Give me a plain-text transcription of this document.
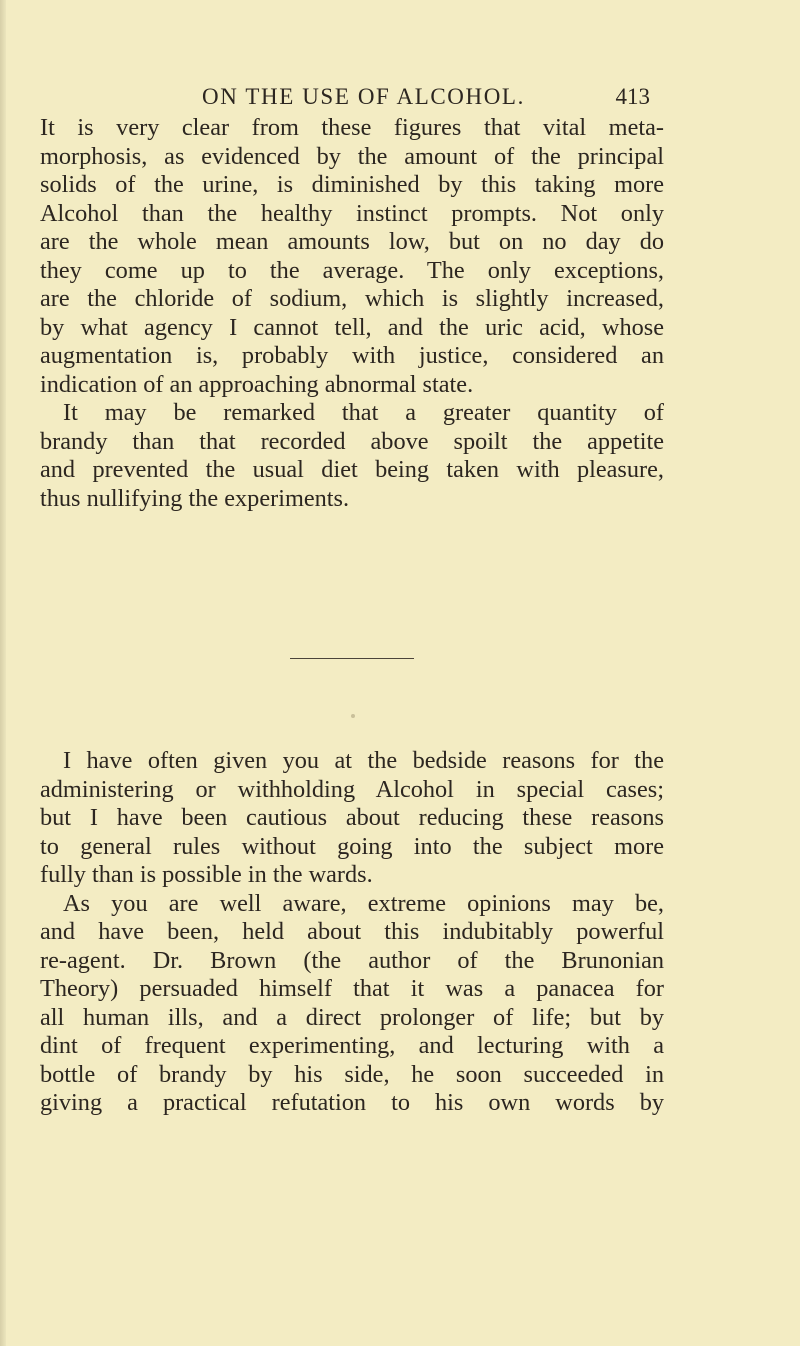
ON THE USE OF ALCOHOL.	413
It is very clear from these figures that vital meta-
morphosis, as evidenced by the amount of the principal
solids of the urine, is diminished by this taking more
Alcohol than the healthy instinct prompts. Not only
are the whole mean amounts low, but on no day do
they come up to the average. The only exceptions,
are the chloride of sodium, which is slightly increased,
by what agency I cannot tell, and the uric acid, whose
augmentation is, probably with justice, considered an
indication of an approaching abnormal state.
It may be remarked that a greater quantity of
brandy than that recorded above spoilt the appetite
and prevented the usual diet being taken with pleasure,
thus nullifying the experiments.
I have often given you at the bedside reasons for the
administering or withholding Alcohol in special cases;
but I have been cautious about reducing these reasons
to general rules without going into the subject more
fully than is possible in the wards.
As you are well aware, extreme opinions may be,
and have been, held about this indubitably powerful
re-agent. Dr. Brown (the author of the Brunonian
Theory) persuaded himself that it was a panacea for
all human ills, and a direct prolonger of life; but by
dint of frequent experimenting, and lecturing with a
bottle of brandy by his side, he soon succeeded in
giving a practical refutation to his own words by
